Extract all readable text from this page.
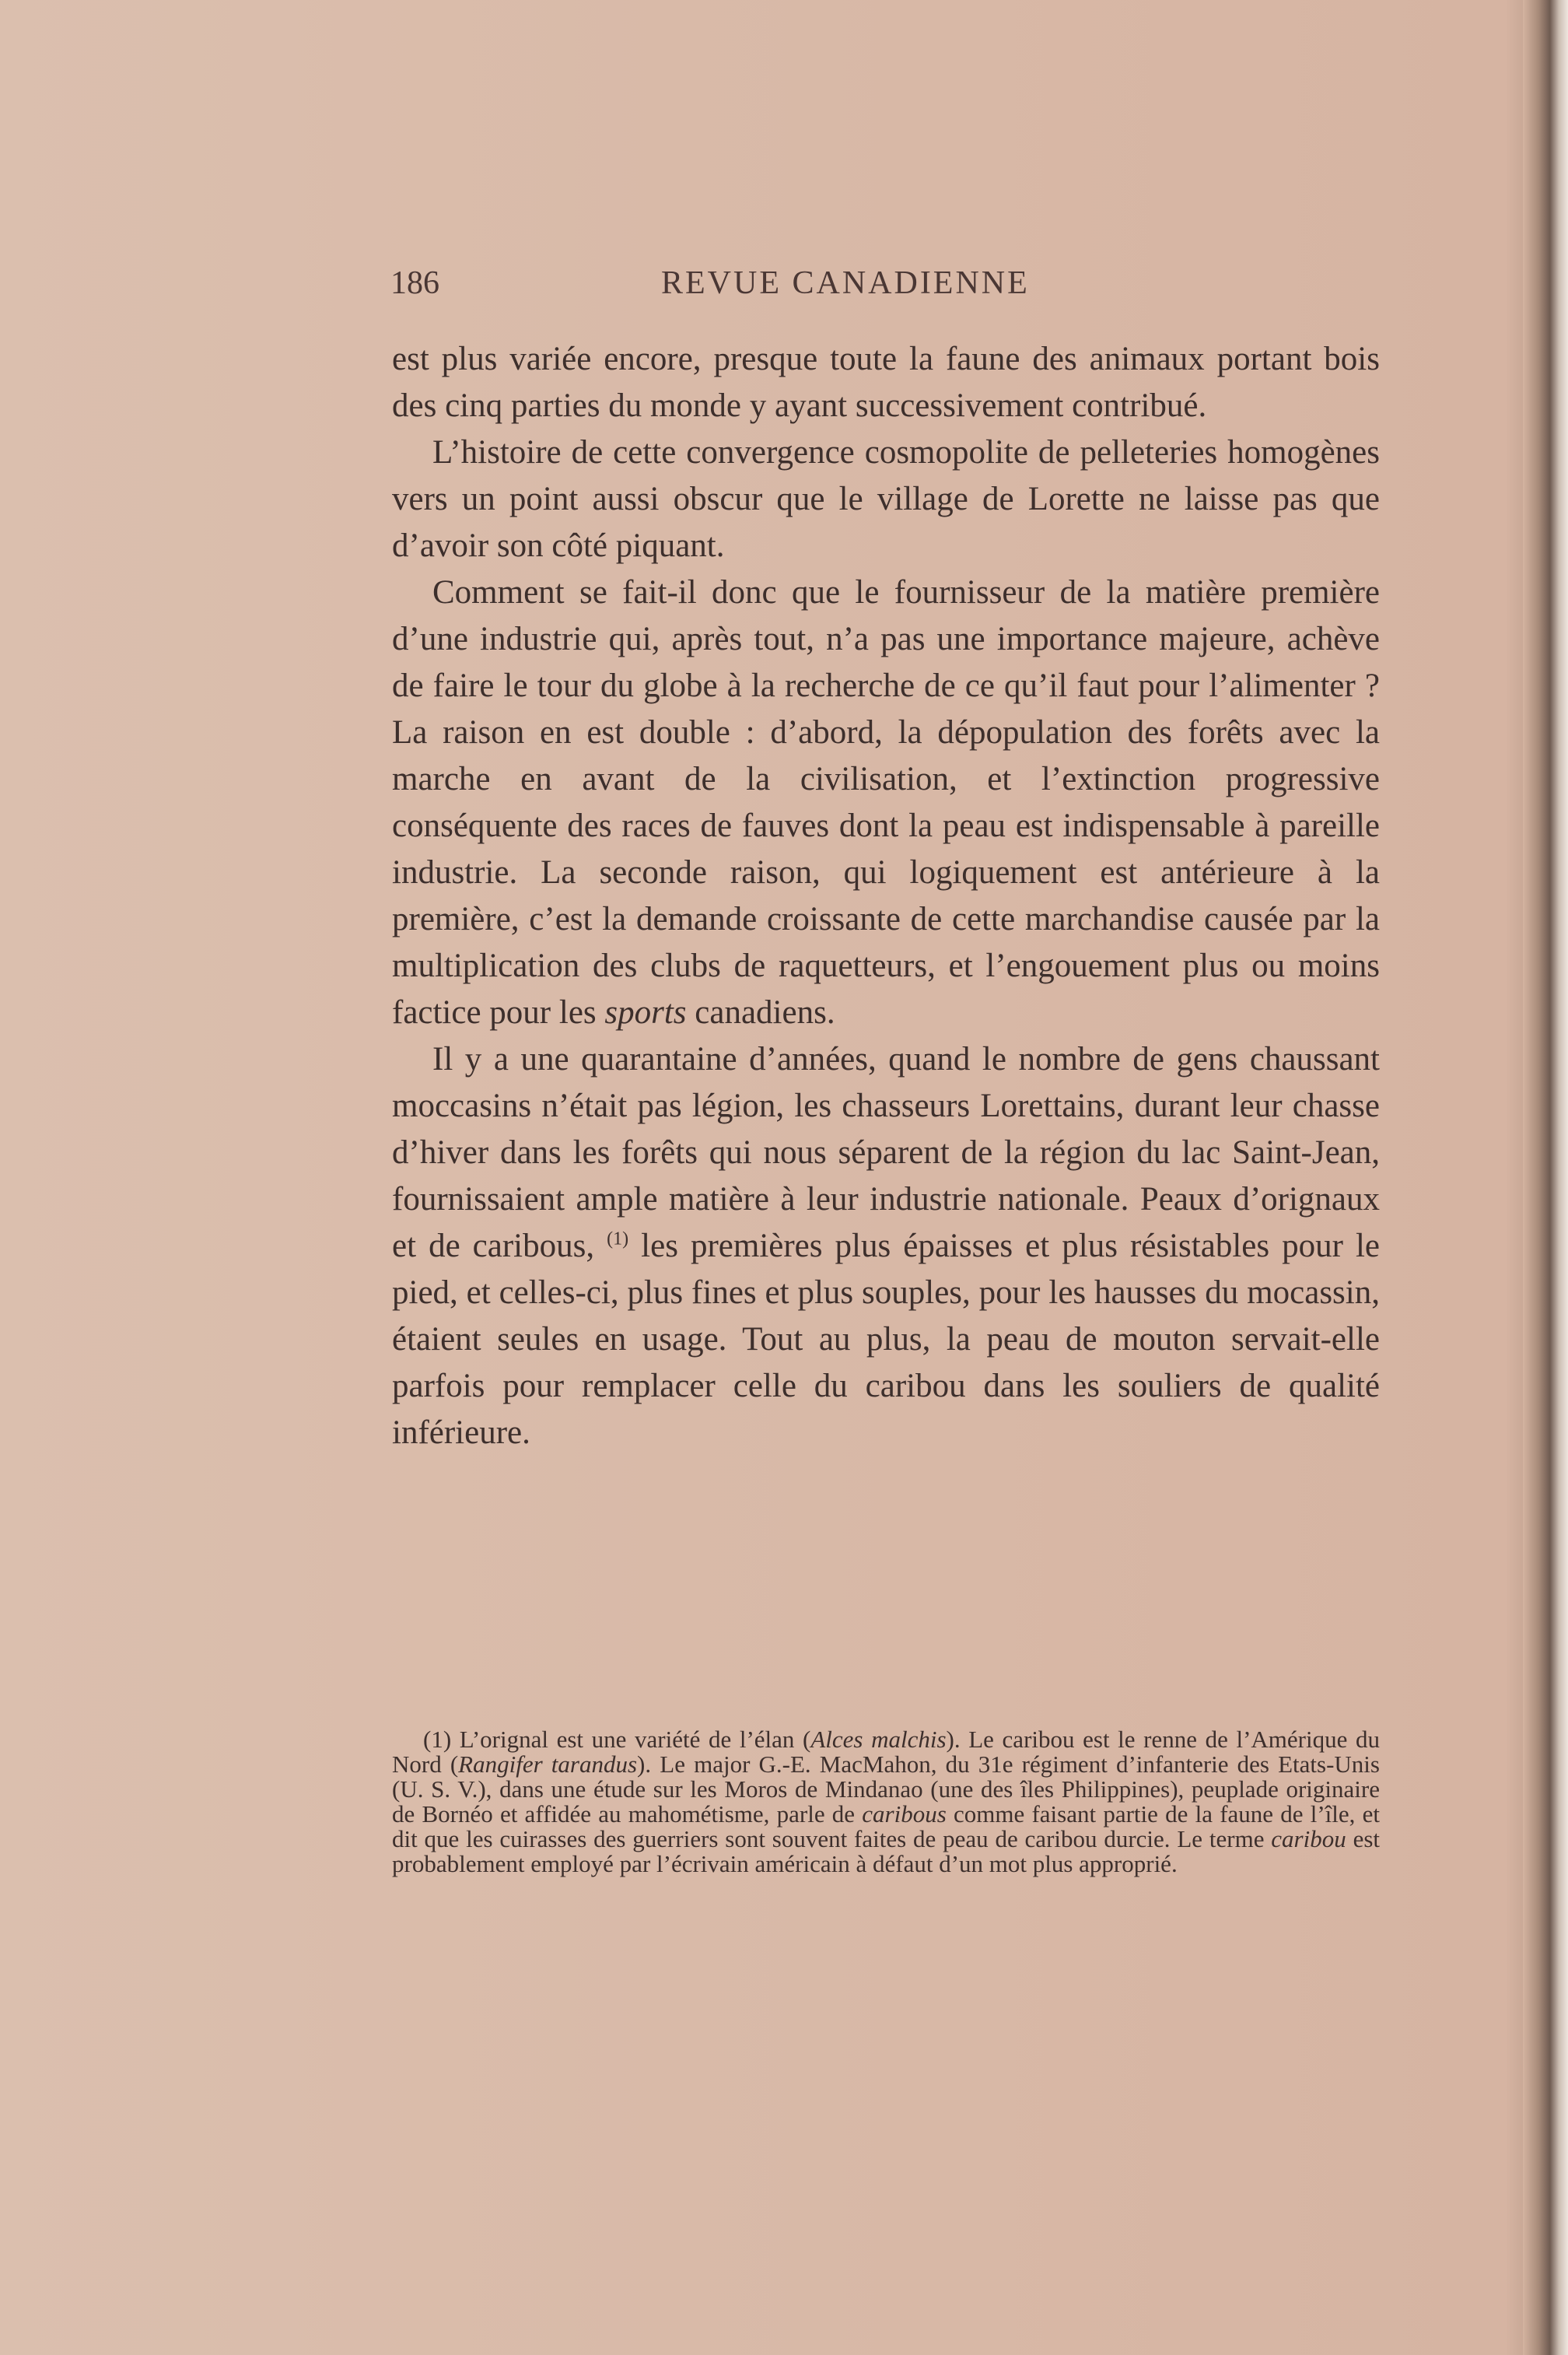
186	REVUE CANADIENNE

est plus variée encore, presque toute la faune des animaux portant bois des cinq parties du monde y ayant successivement contribué.

L’histoire de cette convergence cosmopolite de pelleteries homogènes vers un point aussi obscur que le village de Lorette ne laisse pas que d’avoir son côté piquant.

Comment se fait-il donc que le fournisseur de la matière première d’une industrie qui, après tout, n’a pas une importance majeure, achève de faire le tour du globe à la recherche de ce qu’il faut pour l’alimenter ? La raison en est double : d’abord, la dépopulation des forêts avec la marche en avant de la civilisation, et l’extinction progressive conséquente des races de fauves dont la peau est indispensable à pareille industrie. La seconde raison, qui logiquement est antérieure à la première, c’est la demande croissante de cette marchandise causée par la multiplication des clubs de raquetteurs, et l’engouement plus ou moins factice pour les sports canadiens.

Il y a une quarantaine d’années, quand le nombre de gens chaussant moccasins n’était pas légion, les chasseurs Lorettains, durant leur chasse d’hiver dans les forêts qui nous séparent de la région du lac Saint-Jean, fournissaient ample matière à leur industrie nationale. Peaux d’orignaux et de caribous, $^{(1)}$ les premières plus épaisses et plus résistables pour le pied, et celles-ci, plus fines et plus souples, pour les hausses du mocassin, étaient seules en usage. Tout au plus, la peau de mouton servait-elle parfois pour remplacer celle du caribou dans les souliers de qualité inférieure.

(1) L’orignal est une variété de l’élan (Alces malchis). Le caribou est le renne de l’Amérique du Nord (Rangifer tarandus). Le major G.-E. MacMahon, du 31e régiment d’infanterie des Etats-Unis (U. S. V.), dans une étude sur les Moros de Mindanao (une des îles Philippines), peuplade originaire de Bornéo et affidée au mahométisme, parle de caribous comme faisant partie de la faune de l’île, et dit que les cuirasses des guerriers sont souvent faites de peau de caribou durcie. Le terme caribou est probablement employé par l’écrivain américain à défaut d’un mot plus approprié.
